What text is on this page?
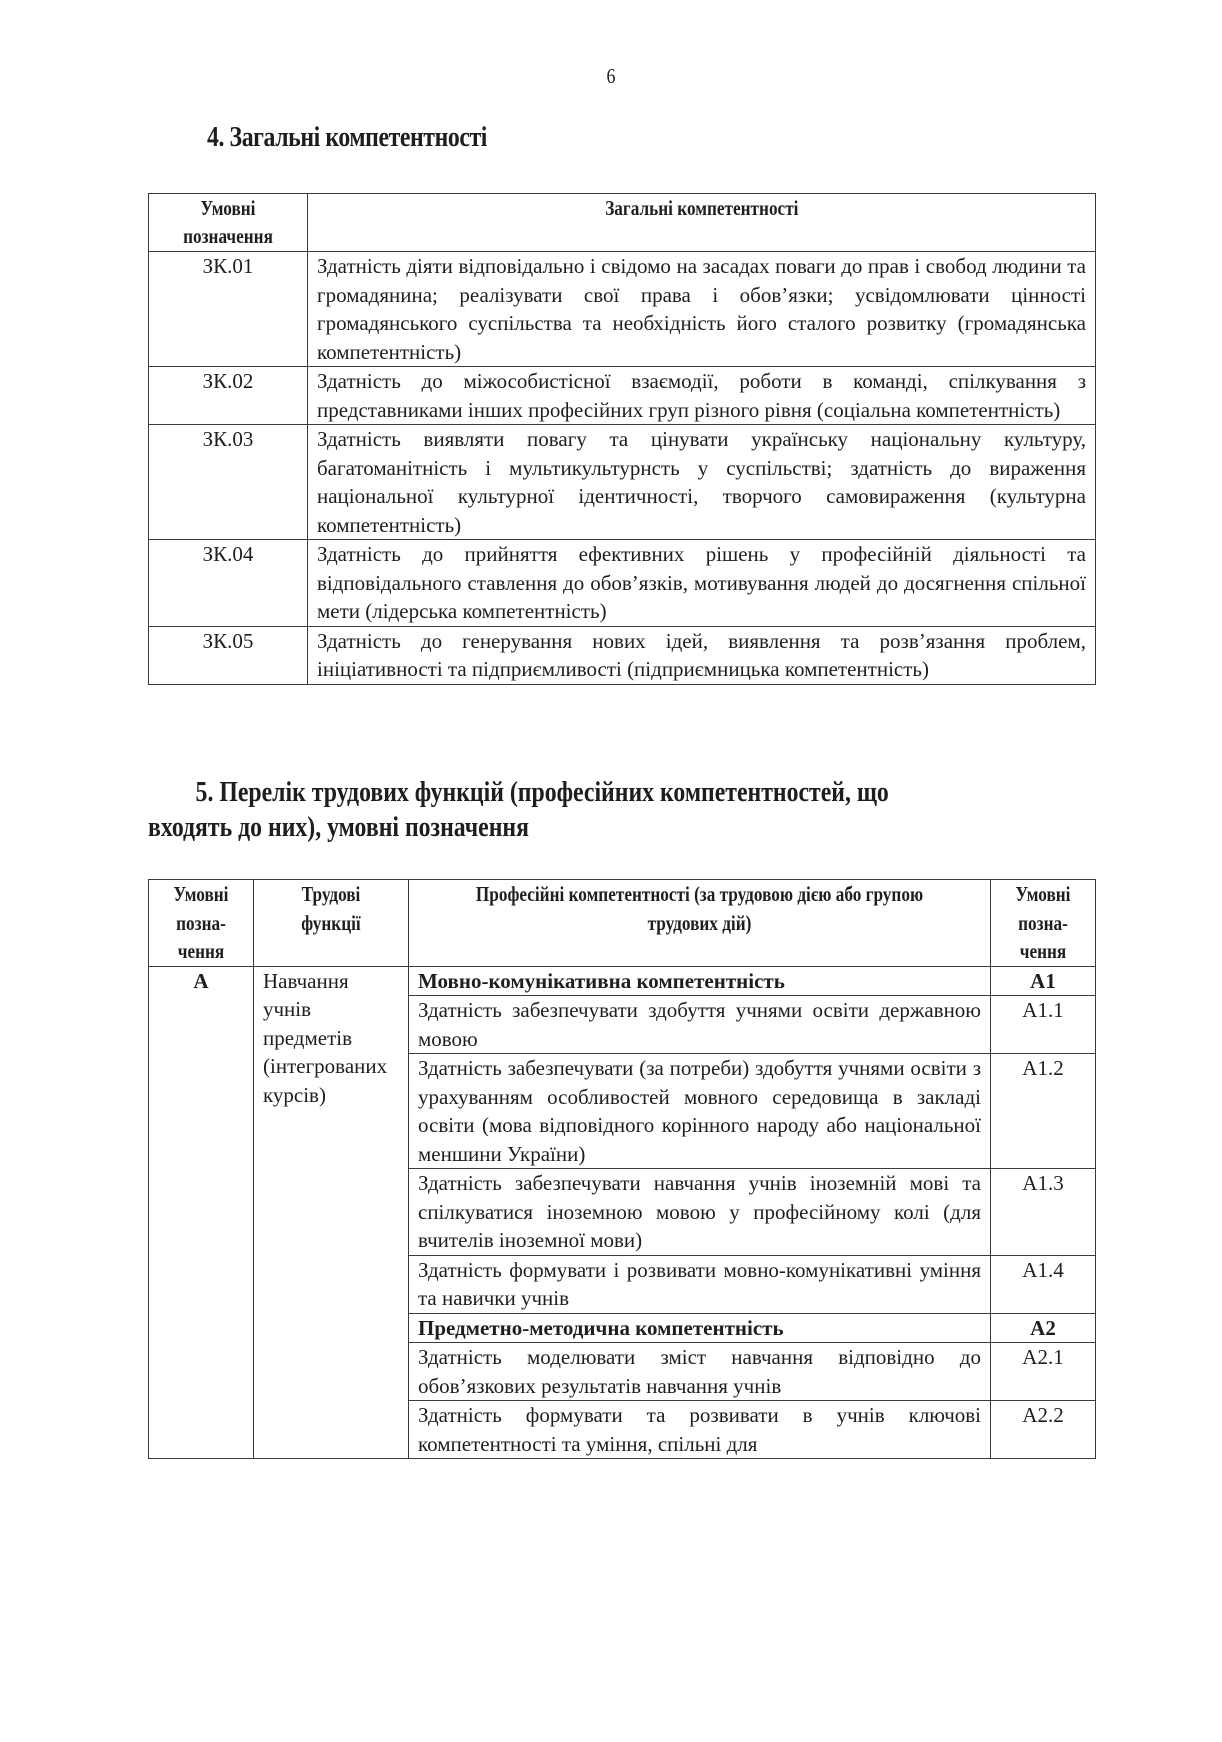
6
4. Загальні компетентності
Умовні позначення	Загальні компетентності
ЗК.01	Здатність діяти відповідально і свідомо на засадах поваги до прав і свобод людини та громадянина; реалізувати свої права і обов’язки; усвідомлювати цінності громадянського суспільства та необхідність його сталого розвитку (громадянська компетентність)
ЗК.02	Здатність до міжособистісної взаємодії, роботи в команді, спілкування з представниками інших професійних груп різного рівня (соціальна компетентність)
ЗК.03	Здатність виявляти повагу та цінувати українську національну культуру, багатоманітність і мультикультурнсть у суспільстві; здатність до вираження національної культурної ідентичності, творчого самовираження (культурна компетентність)
ЗК.04	Здатність до прийняття ефективних рішень у професійній діяльності та відповідального ставлення до обов’язків, мотивування людей до досягнення спільної мети (лідерська компетентність)
ЗК.05	Здатність до генерування нових ідей, виявлення та розв’язання проблем, ініціативності та підприємливості (підприємницька компетентність)
5. Перелік трудових функцій (професійних компетентностей, що
входять до них), умовні позначення
Умовні позна-чення	Трудові функції	Професійні компетентності (за трудовою дією або групою трудових дій)	Умовні позна-чення
А	Навчання учнів предметів (інтегрованих курсів)	Мовно-комунікативна компетентність	А1
		Здатність забезпечувати здобуття учнями освіти державною мовою	А1.1
		Здатність забезпечувати (за потреби) здобуття учнями освіти з урахуванням особливостей мовного середовища в закладі освіти (мова відповідного корінного народу або національної меншини України)	А1.2
		Здатність забезпечувати навчання учнів іноземній мові та спілкуватися іноземною мовою у професійному колі (для вчителів іноземної мови)	А1.3
		Здатність формувати і розвивати мовно-комунікативні уміння та навички учнів	А1.4
		Предметно-методична компетентність	А2
		Здатність моделювати зміст навчання відповідно до обов’язкових результатів навчання учнів	А2.1
		Здатність формувати та розвивати в учнів ключові компетентності та уміння, спільні для	А2.2
